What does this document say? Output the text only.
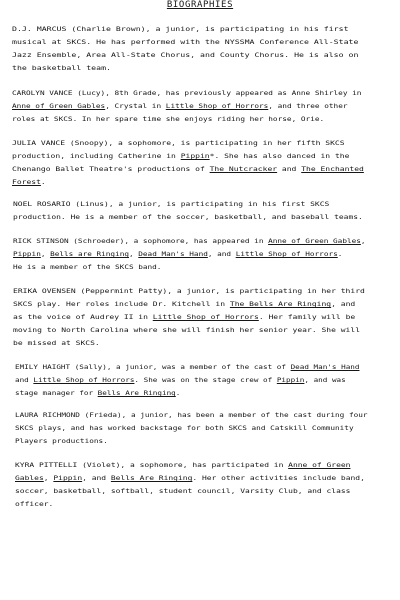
BIOGRAPHIES
D.J. MARCUS (Charlie Brown), a junior, is participating in his first
musical at SKCS. He has performed with the NYSSMA Conference All-State
Jazz Ensemble, Area All-State Chorus, and County Chorus. He is also on
the basketball team.
CAROLYN VANCE (Lucy), 8th Grade, has previously appeared as Anne Shirley in
Anne of Green Gables, Crystal in Little Shop of Horrors, and three other
roles at SKCS. In her spare time she enjoys riding her horse, Orie.
JULIA VANCE (Snoopy), a sophomore, is participating in her fifth SKCS
production, including Catherine in Pippin*. She has also danced in the
Chenango Ballet Theatre's productions of The Nutcracker and The Enchanted
Forest.
NOEL ROSARIO (Linus), a junior, is participating in his first SKCS
production. He is a member of the soccer, basketball, and baseball teams.
RICK STINSON (Schroeder), a sophomore, has appeared in Anne of Green Gables,
Pippin, Bells are Ringing, Dead Man's Hand, and Little Shop of Horrors.
He is a member of the SKCS band.
ERIKA OVENSEN (Peppermint Patty), a junior, is participating in her third
SKCS play. Her roles include Dr. Kitchell in The Bells Are Ringing, and
as the voice of Audrey II in Little Shop of Horrors. Her family will be
moving to North Carolina where she will finish her senior year. She will
be missed at SKCS.
EMILY HAIGHT (Sally), a junior, was a member of the cast of Dead Man's Hand
and Little Shop of Horrors. She was on the stage crew of Pippin, and was
stage manager for Bells Are Ringing.
LAURA RICHMOND (Frieda), a junior, has been a member of the cast during four
SKCS plays, and has worked backstage for both SKCS and Catskill Community
Players productions.
KYRA PITTELLI (Violet), a sophomore, has participated in Anne of Green
Gables, Pippin, and Bells Are Ringing. Her other activities include band,
soccer, basketball, softball, student council, Varsity Club, and class
officer.
